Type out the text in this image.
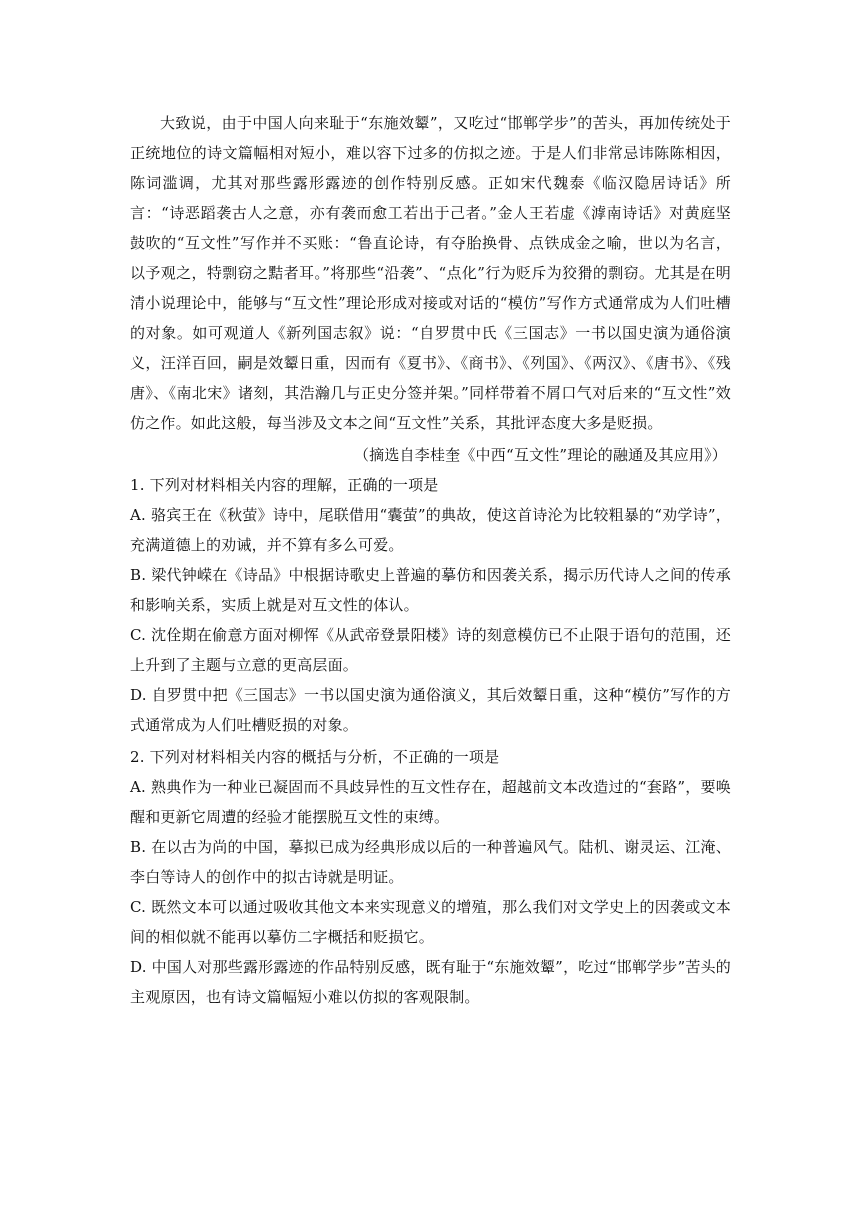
大致说，由于中国人向来耻于“东施效颦”，又吃过“邯郸学步”的苦头，再加传统处于正统地位的诗文篇幅相对短小，难以容下过多的仿拟之迹。于是人们非常忌讳陈陈相因，陈词滥调，尤其对那些露形露迹的创作特别反感。正如宋代魏泰《临汉隐居诗话》所言：“诗恶蹈袭古人之意，亦有袭而愈工若出于己者。”金人王若虚《滹南诗话》对黄庭坚鼓吹的“互文性”写作并不买账：“鲁直论诗，有夺胎换骨、点铁成金之喻，世以为名言，以予观之，特剽窃之黠者耳。”将那些“沿袭”、“点化”行为贬斥为狡猾的剽窃。尤其是在明清小说理论中，能够与“互文性”理论形成对接或对话的“模仿”写作方式通常成为人们吐槽的对象。如可观道人《新列国志叙》说：“自罗贯中氏《三国志》一书以国史演为通俗演义，汪洋百回，嗣是效颦日重，因而有《夏书》、《商书》、《列国》、《两汉》、《唐书》、《残唐》、《南北宋》诸刻，其浩瀚几与正史分签并架。”同样带着不屑口气对后来的“互文性”效仿之作。如此这般，每当涉及文本之间“互文性”关系，其批评态度大多是贬损。

（摘选自李桂奎《中西“互文性”理论的融通及其应用》）

1. 下列对材料相关内容的理解，正确的一项是

A. 骆宾王在《秋萤》诗中，尾联借用“囊萤”的典故，使这首诗沦为比较粗暴的“劝学诗”，充满道德上的劝诫，并不算有多么可爱。

B. 梁代钟嵘在《诗品》中根据诗歌史上普遍的摹仿和因袭关系，揭示历代诗人之间的传承和影响关系，实质上就是对互文性的体认。

C. 沈佺期在偷意方面对柳恽《从武帝登景阳楼》诗的刻意模仿已不止限于语句的范围，还上升到了主题与立意的更高层面。

D. 自罗贯中把《三国志》一书以国史演为通俗演义，其后效颦日重，这种“模仿”写作的方式通常成为人们吐槽贬损的对象。

2. 下列对材料相关内容的概括与分析，不正确的一项是

A. 熟典作为一种业已凝固而不具歧异性的互文性存在，超越前文本改造过的“套路”，要唤醒和更新它周遭的经验才能摆脱互文性的束缚。

B. 在以古为尚的中国，摹拟已成为经典形成以后的一种普遍风气。陆机、谢灵运、江淹、李白等诗人的创作中的拟古诗就是明证。

C. 既然文本可以通过吸收其他文本来实现意义的增殖，那么我们对文学史上的因袭或文本间的相似就不能再以摹仿二字概括和贬损它。

D. 中国人对那些露形露迹的作品特别反感，既有耻于“东施效颦”，吃过“邯郸学步”苦头的主观原因，也有诗文篇幅短小难以仿拟的客观限制。
